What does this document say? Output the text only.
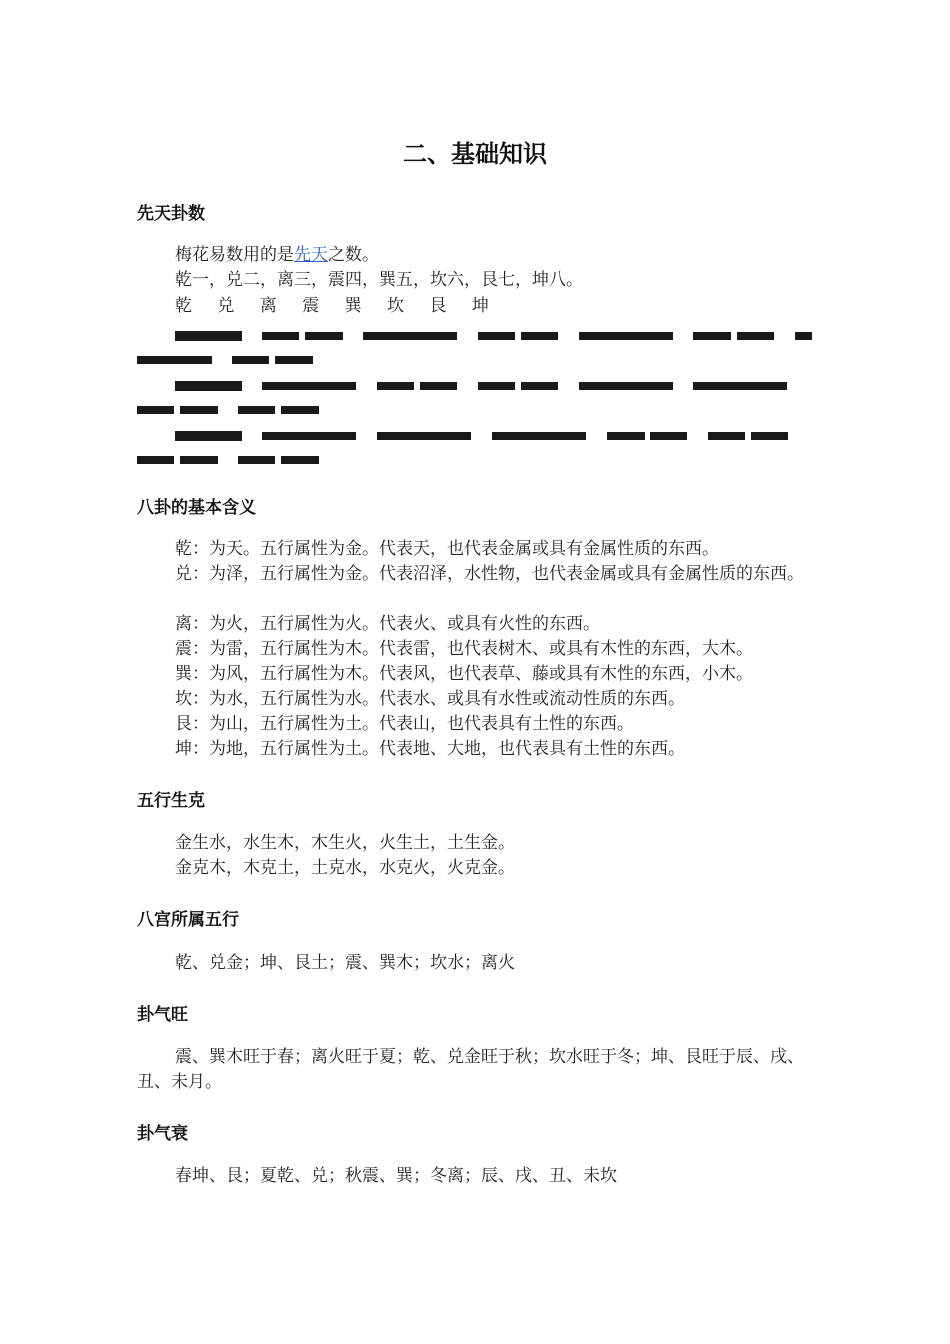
二、基础知识
先天卦数
梅花易数用的是先天之数。
乾一，兑二，离三，震四，巽五，坎六，艮七，坤八。
乾 兑 离 震 巽 坎 艮 坤
八卦的基本含义
乾：为天。五行属性为金。代表天，也代表金属或具有金属性质的东西。
兑：为泽，五行属性为金。代表沼泽，水性物，也代表金属或具有金属性质的东西。
离：为火，五行属性为火。代表火、或具有火性的东西。
震：为雷，五行属性为木。代表雷，也代表树木、或具有木性的东西，大木。
巽：为风，五行属性为木。代表风，也代表草、藤或具有木性的东西，小木。
坎：为水，五行属性为水。代表水、或具有水性或流动性质的东西。
艮：为山，五行属性为土。代表山，也代表具有土性的东西。
坤：为地，五行属性为土。代表地、大地，也代表具有土性的东西。
五行生克
金生水，水生木，木生火，火生土，土生金。
金克木，木克土，土克水，水克火，火克金。
八宫所属五行
乾、兑金；坤、艮土；震、巽木；坎水；离火
卦气旺
震、巽木旺于春；离火旺于夏；乾、兑金旺于秋；坎水旺于冬；坤、艮旺于辰、戌、丑、未月。
卦气衰
春坤、艮；夏乾、兑；秋震、巽；冬离；辰、戌、丑、未坎
